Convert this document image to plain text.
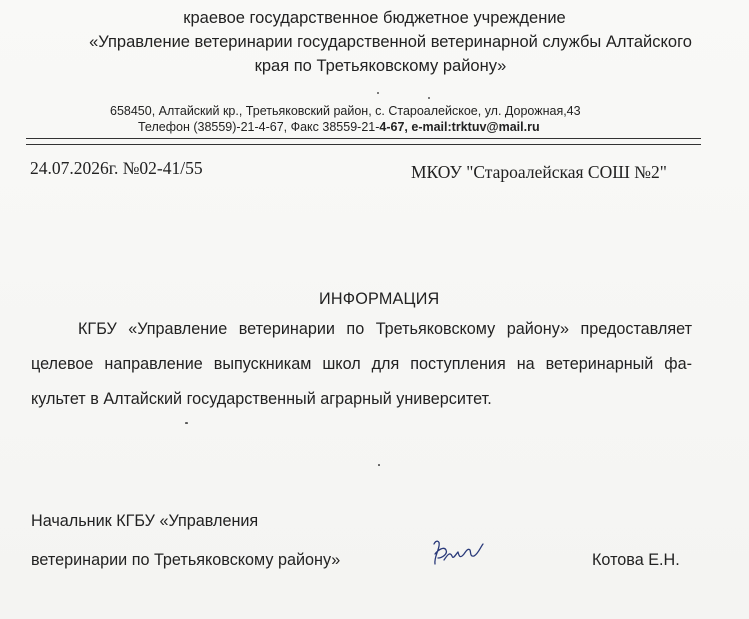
краевое государственное бюджетное учреждение
«Управление ветеринарии государственной ветеринарной службы Алтайского
края по Третьяковскому району»
658450, Алтайский кр., Третьяковский район, с. Староалейское, ул. Дорожная,43
Телефон (38559)-21-4-67, Факс 38559-21-4-67, e-mail:trktuv@mail.ru
24.07.2026г. №02-41/55	МКОУ "Староалейская СОШ №2"
ИНФОРМАЦИЯ
КГБУ «Управление ветеринарии по Третьяковскому району» предоставляет
целевое направление выпускникам школ для поступления на ветеринарный фа-
культет в Алтайский государственный аграрный университет.
Начальник КГБУ «Управления
ветеринарии по Третьяковскому району»	Котова Е.Н.
